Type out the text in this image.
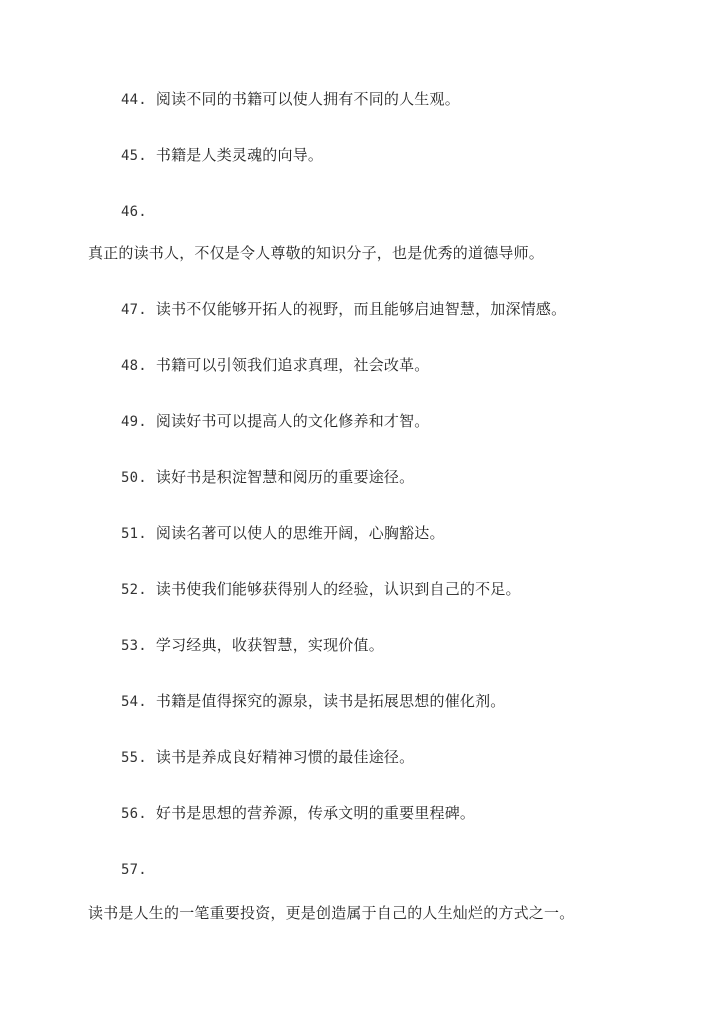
44. 阅读不同的书籍可以使人拥有不同的人生观。
45. 书籍是人类灵魂的向导。
46.
真正的读书人，不仅是令人尊敬的知识分子，也是优秀的道德导师。
47. 读书不仅能够开拓人的视野，而且能够启迪智慧，加深情感。
48. 书籍可以引领我们追求真理，社会改革。
49. 阅读好书可以提高人的文化修养和才智。
50. 读好书是积淀智慧和阅历的重要途径。
51. 阅读名著可以使人的思维开阔，心胸豁达。
52. 读书使我们能够获得别人的经验，认识到自己的不足。
53. 学习经典，收获智慧，实现价值。
54. 书籍是值得探究的源泉，读书是拓展思想的催化剂。
55. 读书是养成良好精神习惯的最佳途径。
56. 好书是思想的营养源，传承文明的重要里程碑。
57.
读书是人生的一笔重要投资，更是创造属于自己的人生灿烂的方式之一。
